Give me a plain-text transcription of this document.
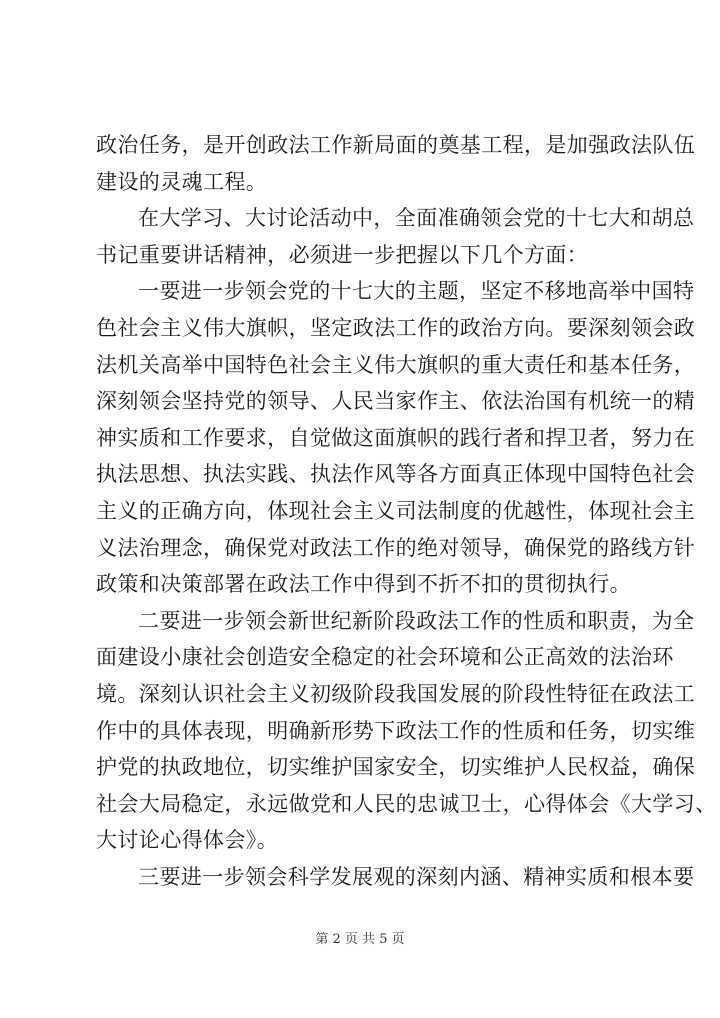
政治任务，是开创政法工作新局面的奠基工程，是加强政法队伍
建设的灵魂工程。

在大学习、大讨论活动中，全面准确领会党的十七大和胡总
书记重要讲话精神，必须进一步把握以下几个方面：

一要进一步领会党的十七大的主题，坚定不移地高举中国特
色社会主义伟大旗帜，坚定政法工作的政治方向。要深刻领会政
法机关高举中国特色社会主义伟大旗帜的重大责任和基本任务，
深刻领会坚持党的领导、人民当家作主、依法治国有机统一的精
神实质和工作要求，自觉做这面旗帜的践行者和捍卫者，努力在
执法思想、执法实践、执法作风等各方面真正体现中国特色社会
主义的正确方向，体现社会主义司法制度的优越性，体现社会主
义法治理念，确保党对政法工作的绝对领导，确保党的路线方针
政策和决策部署在政法工作中得到不折不扣的贯彻执行。

二要进一步领会新世纪新阶段政法工作的性质和职责，为全
面建设小康社会创造安全稳定的社会环境和公正高效的法治环
境。深刻认识社会主义初级阶段我国发展的阶段性特征在政法工
作中的具体表现，明确新形势下政法工作的性质和任务，切实维
护党的执政地位，切实维护国家安全，切实维护人民权益，确保
社会大局稳定，永远做党和人民的忠诚卫士，心得体会《大学习、
大讨论心得体会》。

三要进一步领会科学发展观的深刻内涵、精神实质和根本要

第 2 页 共 5 页
